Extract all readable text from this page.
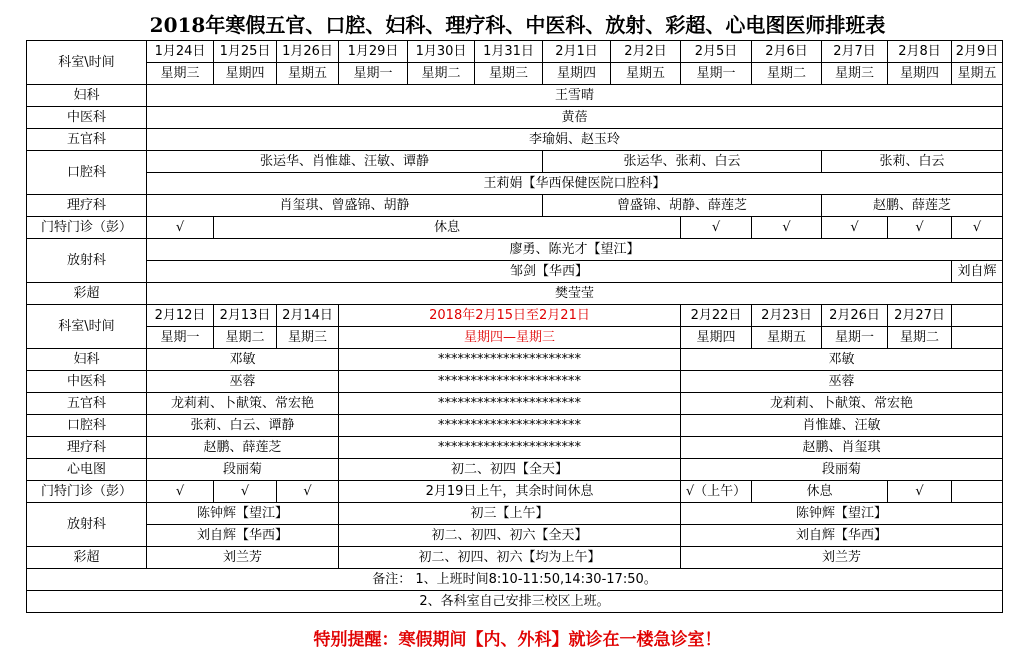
2018年寒假五官、口腔、妇科、理疗科、中医科、放射、彩超、心电图医师排班表
科室\时间	1月24日	1月25日	1月26日	1月29日	1月30日	1月31日	2月1日	2月2日	2月5日	2月6日	2月7日	2月8日	2月9日
	星期三	星期四	星期五	星期一	星期二	星期三	星期四	星期五	星期一	星期二	星期三	星期四	星期五
妇科	王雪晴												
中医科	黄蓓												
五官科	李瑜娟、赵玉玲												
口腔科	张运华、肖惟雄、汪敏、谭静						张运华、张莉、白云				张莉、白云		
	王莉娟【华西保健医院口腔科】												
理疗科	肖玺琪、曾盛锦、胡静						曾盛锦、胡静、薛莲芝				赵鹏、薛莲芝		
门特门诊（彭）	√	休息							√	√	√	√	√
放射科	廖勇、陈光才【望江】												
	邹剑【华西】												刘自辉
彩超	樊莹莹												
科室\时间	2月12日	2月13日	2月14日	2018年2月15日至2月21日					2月22日	2月23日	2月26日	2月27日	
	星期一	星期二	星期三	星期四—星期三					星期四	星期五	星期一	星期二	
妇科	邓敏			**********************					邓敏				
中医科	巫蓉			**********************					巫蓉				
五官科	龙莉莉、卜献策、常宏艳			**********************					龙莉莉、卜献策、常宏艳				
口腔科	张莉、白云、谭静			**********************					肖惟雄、汪敏				
理疗科	赵鹏、薛莲芝			**********************					赵鹏、肖玺琪				
心电图	段丽菊			初二、初四【全天】					段丽菊				
门特门诊（彭）	√	√	√	2月19日上午，其余时间休息					√（上午）	休息		√	
放射科	陈钟辉【望江】			初三【上午】					陈钟辉【望江】				
	刘自辉【华西】			初二、初四、初六【全天】					刘自辉【华西】				
彩超	刘兰芳			初二、初四、初六【均为上午】					刘兰芳				
备注： 1、上班时间8:10-11:50,14:30-17:50。													
2、各科室自己安排三校区上班。													
特别提醒：寒假期间【内、外科】就诊在一楼急诊室！
